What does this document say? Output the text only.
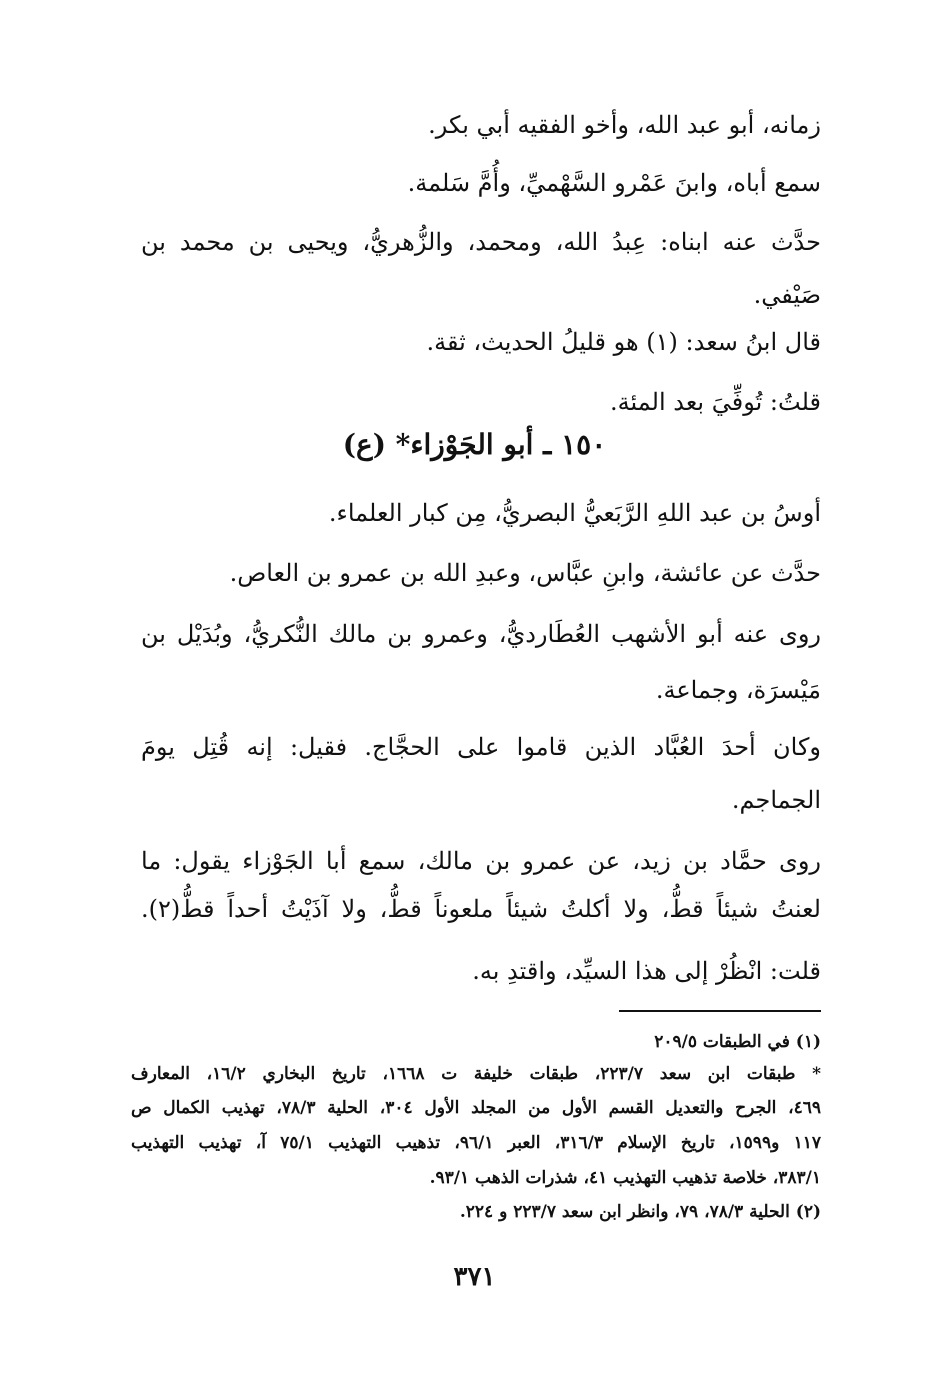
زمانه، أبو عبد الله، وأخو الفقيه أبي بكر.
سمع أباه، وابنَ عَمْرو السَّهْميِّ، وأُمَّ سَلمة.
حدَّث عنه ابناه: عِبدُ الله، ومحمد، والزُّهريُّ، ويحيى بن محمد بن
صَيْفي.
قال ابنُ سعد: (١) هو قليلُ الحديث، ثقة.
قلتُ: تُوفِّيَ بعد المئة.
١٥٠ ـ أبو الجَوْزاء* (ع)
أوسُ بن عبد اللهِ الرَّبَعيُّ البصريُّ، مِن كبار العلماء.
حدَّث عن عائشة، وابنِ عبَّاس، وعبدِ الله بن عمرو بن العاص.
روى عنه أبو الأشهب العُطَارديُّ، وعمرو بن مالك النُّكريُّ، وبُدَيْل بن
مَيْسرَة، وجماعة.
وكان أحدَ العُبَّاد الذين قاموا على الحجَّاج. فقيل: إنه قُتِل يومَ
الجماجم.
روى حمَّاد بن زيد، عن عمرو بن مالك، سمع أبا الجَوْزاء يقول: ما
لعنتُ شيئاً قطُّ، ولا أكلتُ شيئاً ملعوناً قطُّ، ولا آذَيْتُ أحداً قطُّ(٢).
قلت: انْظُرْ إلى هذا السيِّد، واقتدِ به.
(١) في الطبقات ٢٠٩/٥
* طبقات ابن سعد ٢٢٣/٧، طبقات خليفة ت ١٦٦٨، تاريخ البخاري ١٦/٢، المعارف
٤٦٩، الجرح والتعديل القسم الأول من المجلد الأول ٣٠٤، الحلية ٧٨/٣، تهذيب الكمال ص
١١٧ و١٥٩٩، تاريخ الإسلام ٣١٦/٣، العبر ٩٦/١، تذهيب التهذيب ٧٥/١ آ، تهذيب التهذيب
٣٨٣/١، خلاصة تذهيب التهذيب ٤١، شذرات الذهب ٩٣/١.
(٢) الحلية ٧٨/٣، ٧٩، وانظر ابن سعد ٢٢٣/٧ و ٢٢٤.
٣٧١
